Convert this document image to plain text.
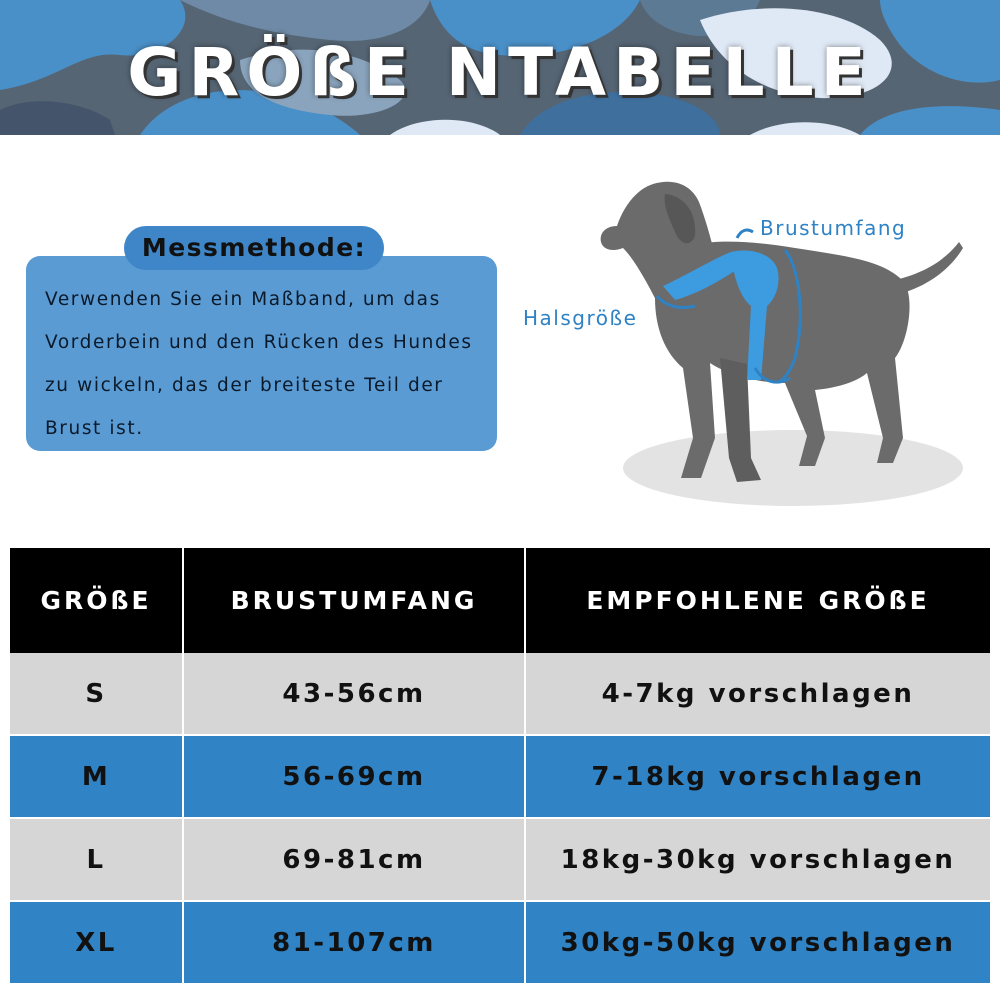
GRÖßE NTABELLE
Messmethode:
Verwenden Sie ein Maßband, um das Vorderbein und den Rücken des Hundes zu wickeln, das der breiteste Teil der Brust ist.
Brustumfang
Halsgröße
GRÖßE	BRUSTUMFANG	EMPFOHLENE GRÖßE
S	43-56cm	4-7kg vorschlagen
M	56-69cm	7-18kg vorschlagen
L	69-81cm	18kg-30kg vorschlagen
XL	81-107cm	30kg-50kg vorschlagen
